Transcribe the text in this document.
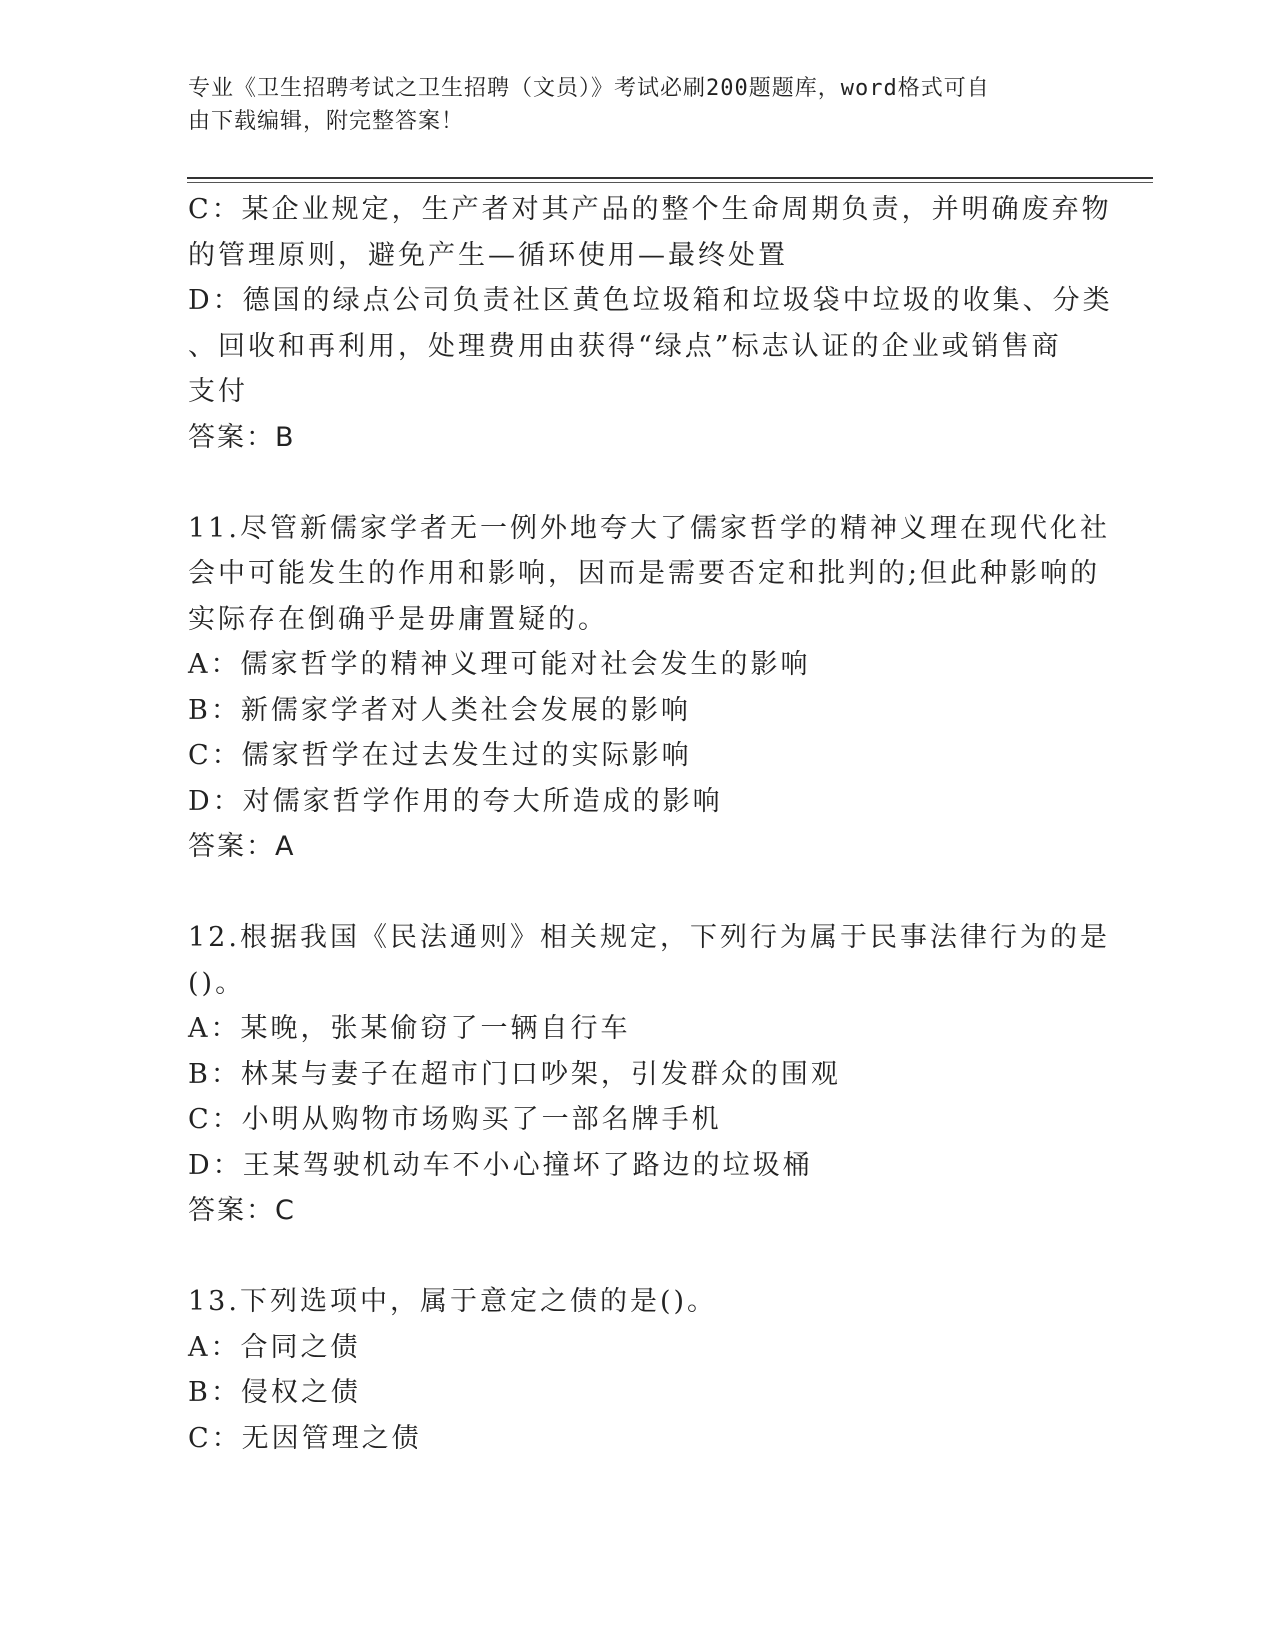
专业《卫生招聘考试之卫生招聘（文员）》考试必刷200题题库，word格式可自
由下载编辑，附完整答案！
C：某企业规定，生产者对其产品的整个生命周期负责，并明确废弃物
的管理原则，避免产生—循环使用—最终处置
D：德国的绿点公司负责社区黄色垃圾箱和垃圾袋中垃圾的收集、分类
、回收和再利用，处理费用由获得“绿点”标志认证的企业或销售商
支付
答案：B
11.尽管新儒家学者无一例外地夸大了儒家哲学的精神义理在现代化社
会中可能发生的作用和影响，因而是需要否定和批判的;但此种影响的
实际存在倒确乎是毋庸置疑的。
A：儒家哲学的精神义理可能对社会发生的影响
B：新儒家学者对人类社会发展的影响
C：儒家哲学在过去发生过的实际影响
D：对儒家哲学作用的夸大所造成的影响
答案：A
12.根据我国《民法通则》相关规定，下列行为属于民事法律行为的是
()。
A：某晚，张某偷窃了一辆自行车
B：林某与妻子在超市门口吵架，引发群众的围观
C：小明从购物市场购买了一部名牌手机
D：王某驾驶机动车不小心撞坏了路边的垃圾桶
答案：C
13.下列选项中，属于意定之债的是()。
A：合同之债
B：侵权之债
C：无因管理之债
